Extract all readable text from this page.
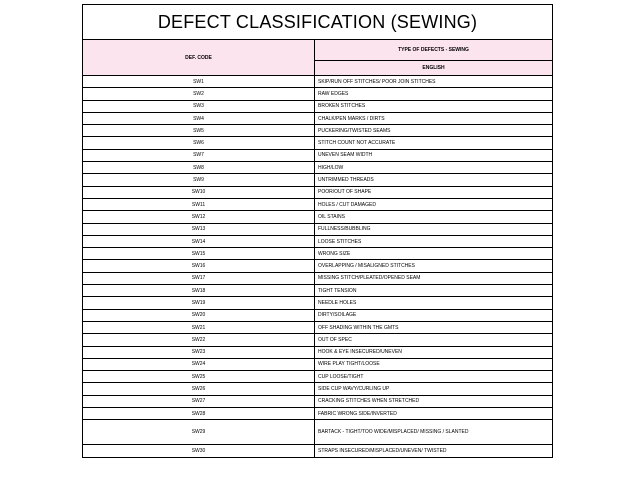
DEFECT CLASSIFICATION (SEWING)	
DEF. CODE	TYPE OF DEFECTS - SEWING
	ENGLISH
SW1	SKIP/RUN OFF STITCHES/ POOR JOIN STITCHES
SW2	RAW EDGES
SW3	BROKEN STITCHES
SW4	CHALK/PEN MARKS / DIRTS
SW5	PUCKERING/TWISTED SEAMS
SW6	STITCH COUNT NOT ACCURATE
SW7	UNEVEN SEAM WIDTH
SW8	HIGH/LOW
SW9	UNTRIMMED THREADS
SW10	POOR/OUT OF SHAPE
SW11	HOLES / CUT DAMAGED
SW12	OIL STAINS
SW13	FULLNESS/BUBBLING
SW14	LOOSE STITCHES
SW15	WRONG SIZE
SW16	OVERLAPPING / MISALIGNED STITCHES
SW17	MISSING STITCH/PLEATED/OPENED SEAM
SW18	TIGHT TENSION
SW19	NEEDLE HOLES
SW20	DIRTY/SOILAGE
SW21	OFF SHADING WITHIN THE GMTS
SW22	OUT OF SPEC
SW23	HOOK & EYE INSECURED/UNEVEN
SW24	WIRE PLAY TIGHT/LOOSE
SW25	CUP LOOSE/TIGHT
SW26	SIDE CUP WAVY/CURLING UP
SW27	CRACKING STITCHES WHEN STRETCHED
SW28	FABRIC WRONG SIDE/INVERTED
SW29	BARTACK - TIGHT/TOO WIDE/MISPLACED/ MISSING / SLANTED
SW30	STRAPS INSECURED/MISPLACED/UNEVEN/ TWISTED
